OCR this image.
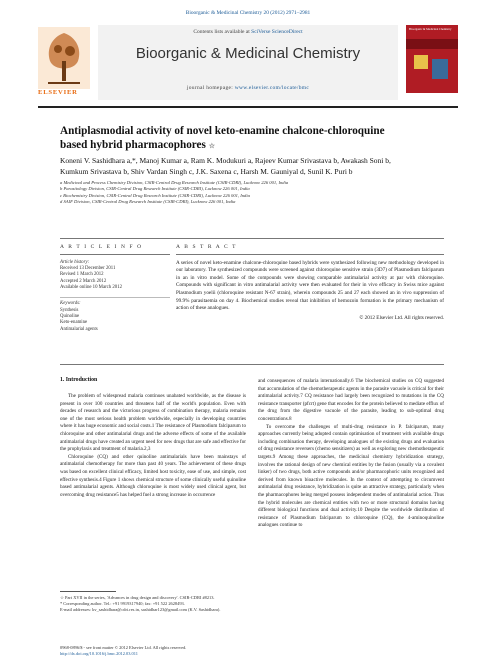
Bioorganic & Medicinal Chemistry 20 (2012) 2971–2981
ELSEVIER
Contents lists available at SciVerse ScienceDirect
Bioorganic & Medicinal Chemistry
journal homepage: www.elsevier.com/locate/bmc
Bioorganic & Medicinal Chemistry
Antiplasmodial activity of novel keto-enamine chalcone-chloroquine
based hybrid pharmacophores ☆
Koneni V. Sashidhara a,*, Manoj Kumar a, Ram K. Modukuri a, Rajeev Kumar Srivastava b, Awakash Soni b,
Kumkum Srivastava b, Shiv Vardan Singh c, J.K. Saxena c, Harsh M. Gauniyal d, Sunil K. Puri b
a Medicinal and Process Chemistry Division, CSIR-Central Drug Research Institute (CSIR-CDRI), Lucknow 226 001, India
b Parasitology Division, CSIR-Central Drug Research Institute (CSIR-CDRI), Lucknow 226 001, India
c Biochemistry Division, CSIR-Central Drug Research Institute (CSIR-CDRI), Lucknow 226 001, India
d SAIF Division, CSIR-Central Drug Research Institute (CSIR-CDRI), Lucknow 226 001, India
A R T I C L E I N F O
Article history:
Received 13 December 2011
Revised 1 March 2012
Accepted 2 March 2012
Available online 10 March 2012
Keywords:
Synthesis
Quinoline
Keto-enamine
Antimalarial agents
A B S T R A C T
A series of novel keto-enamine chalcone-chloroquine based hybrids were synthesized following new methodology developed in our laboratory. The synthesized compounds were screened against chloroquine sensitive strain (3D7) of Plasmodium falciparum in an in vitro model. Some of the compounds were showing comparable antimalarial activity at par with chloroquine. Compounds with significant in vitro antimalarial activity were then evaluated for their in vivo efficacy in Swiss mice against Plasmodium yoelii (chloroquine resistant N-67 strain), wherein compounds 25 and 27 each showed an in vivo suppression of 99.9% parasitaemia on day 4. Biochemical studies reveal that inhibition of hemozoin formation is the primary mechanism of action of these analogues.
© 2012 Elsevier Ltd. All rights reserved.
1. Introduction

The problem of widespread malaria continues unabated worldwide, as the disease is present in over 100 countries and threatens half of the world's population. Even with decades of research and the victorious progress of combination therapy, malaria remains one of the most serious health problem worldwide, especially in developing countries where it has huge economic and social costs.1 The resistance of Plasmodium falciparum to chloroquine and other antimalarial drugs and the adverse effects of some of the available antimalarial drugs have created an urgent need for new drugs that are safe and effective for the prophylaxis and treatment of malaria.2,3

Chloroquine (CQ) and other quinoline antimalarials have been mainstays of antimalarial chemotherapy for more than past 40 years. The achievement of these drugs was based on excellent clinical efficacy, limited host toxicity, ease of use, and simple, cost effective synthesis.4 Figure 1 shows chemical structure of some clinically useful quinoline based antimalarial agents. Although chloroquine is most widely used clinical agent, but overcoming drug resistance5 has helped fuel a strong increase in occurrence

and consequences of malaria internationally.6 The biochemical studies on CQ suggested that accumulation of the chemotherapeutic agents in the parasite vacuole is critical for their antimalarial activity.7 CQ resistance had largely been recognized to mutations in the CQ resistance transporter (pfcrt) gene that encodes for the protein believed to mediate efflux of the drug from the digestive vacuole of the parasite, leading to sub-optimal drug concentrations.8

To overcome the challenges of multi-drug resistance in P. falciparum, many approaches currently being adopted contain optimisation of treatment with available drugs including combination therapy, developing analogues of the existing drugs and evaluation of drug resistance reversers (chemo sensitizers) as well as exploring new chemotherapeutic targets.9 Among these approaches, the medicinal chemistry hybridization strategy, involves the rational design of new chemical entities by the fusion (usually via a covalent linker) of two drugs, both active compounds and/or pharmacophoric units recognized and derived from known bioactive molecules. In the context of attempting to circumvent antimalarial drug resistance, hybridization is quite an attractive strategy, particularly when the pharmacophores being merged possess independent modes of antimalarial action. Thus the hybrid molecules are chemical entities with two or more structural domains having different biological functions and dual activity.10 Despite the worldwide distribution of resistance of Plasmodium falciparum to chloroquine (CQ), the 4-aminoquinoline analogues continue to

☆ Part XVII in the series, 'Advances in drug design and discovery'. CSIR-CDRI #8213.
* Corresponding author. Tel.: +91 9919317940; fax: +91 522 2628493.
E-mail addresses: kv_sashidhara@cdri.res.in, sashidhar123@gmail.com (K.V. Sashidhara).
0968-0896/$ - see front matter © 2012 Elsevier Ltd. All rights reserved.
http://dx.doi.org/10.1016/j.bmc.2012.03.011
